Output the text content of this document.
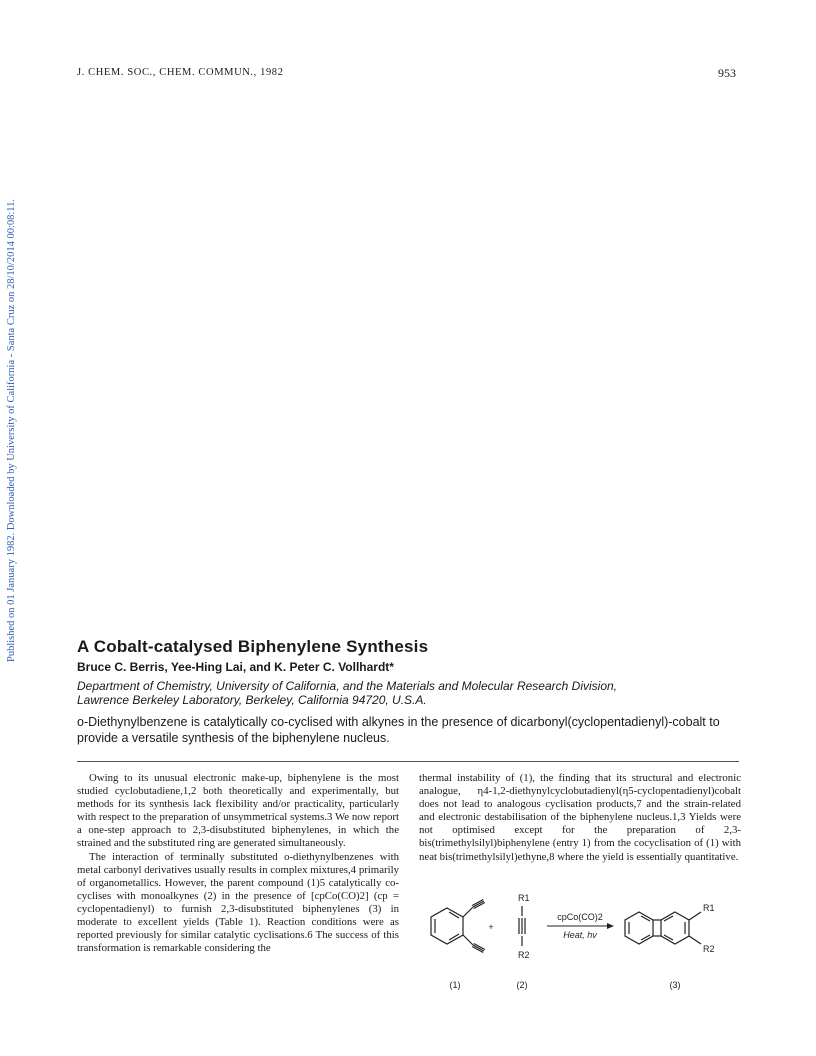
J. CHEM. SOC., CHEM. COMMUN., 1982	953
Published on 01 January 1982. Downloaded by University of California - Santa Cruz on 28/10/2014 00:08:11.	A Cobalt-catalysed Biphenylene Synthesis
Bruce C. Berris, Yee-Hing Lai, and K. Peter C. Vollhardt*
Department of Chemistry, University of California, and the Materials and Molecular Research Division,
Lawrence Berkeley Laboratory, Berkeley, California 94720, U.S.A.
o-Diethynylbenzene is catalytically co-cyclised with alkynes in the presence of dicarbonyl(cyclopentadienyl)-cobalt to provide a versatile synthesis of the biphenylene nucleus.

Owing to its unusual electronic make-up, biphenylene is the most studied cyclobutadiene,1,2 both theoretically and experimentally, but methods for its synthesis lack flexibility and/or practicality, particularly with respect to the preparation of unsymmetrical systems.3 We now report a one-step approach to 2,3-disubstituted biphenylenes, in which the strained and the substituted ring are generated simultaneously.

The interaction of terminally substituted o-diethynylbenzenes with metal carbonyl derivatives usually results in complex mixtures,4 primarily of organometallics. However, the parent compound (1)5 catalytically co-cyclises with monoalkynes (2) in the presence of [cpCo(CO)2] (cp = cyclopentadienyl) to furnish 2,3-disubstituted biphenylenes (3) in moderate to excellent yields (Table 1). Reaction conditions were as reported previously for similar catalytic cyclisations.6 The success of this transformation is remarkable considering the

thermal instability of (1), the finding that its structural and electronic analogue, η4-1,2-diethynylcyclobutadienyl(η5-cyclopentadienyl)cobalt does not lead to analogous cyclisation products,7 and the strain-related and electronic destabilisation of the biphenylene nucleus.1,3 Yields were not optimised except for the preparation of 2,3-bis(trimethylsilyl)biphenylene (entry 1) from the cocyclisation of (1) with neat bis(trimethylsilyl)ethyne,8 where the yield is essentially quantitative.

+
R1
R2
cpCo(CO)2
Heat, hν
R1
R2
(1)	(2)	(3)
